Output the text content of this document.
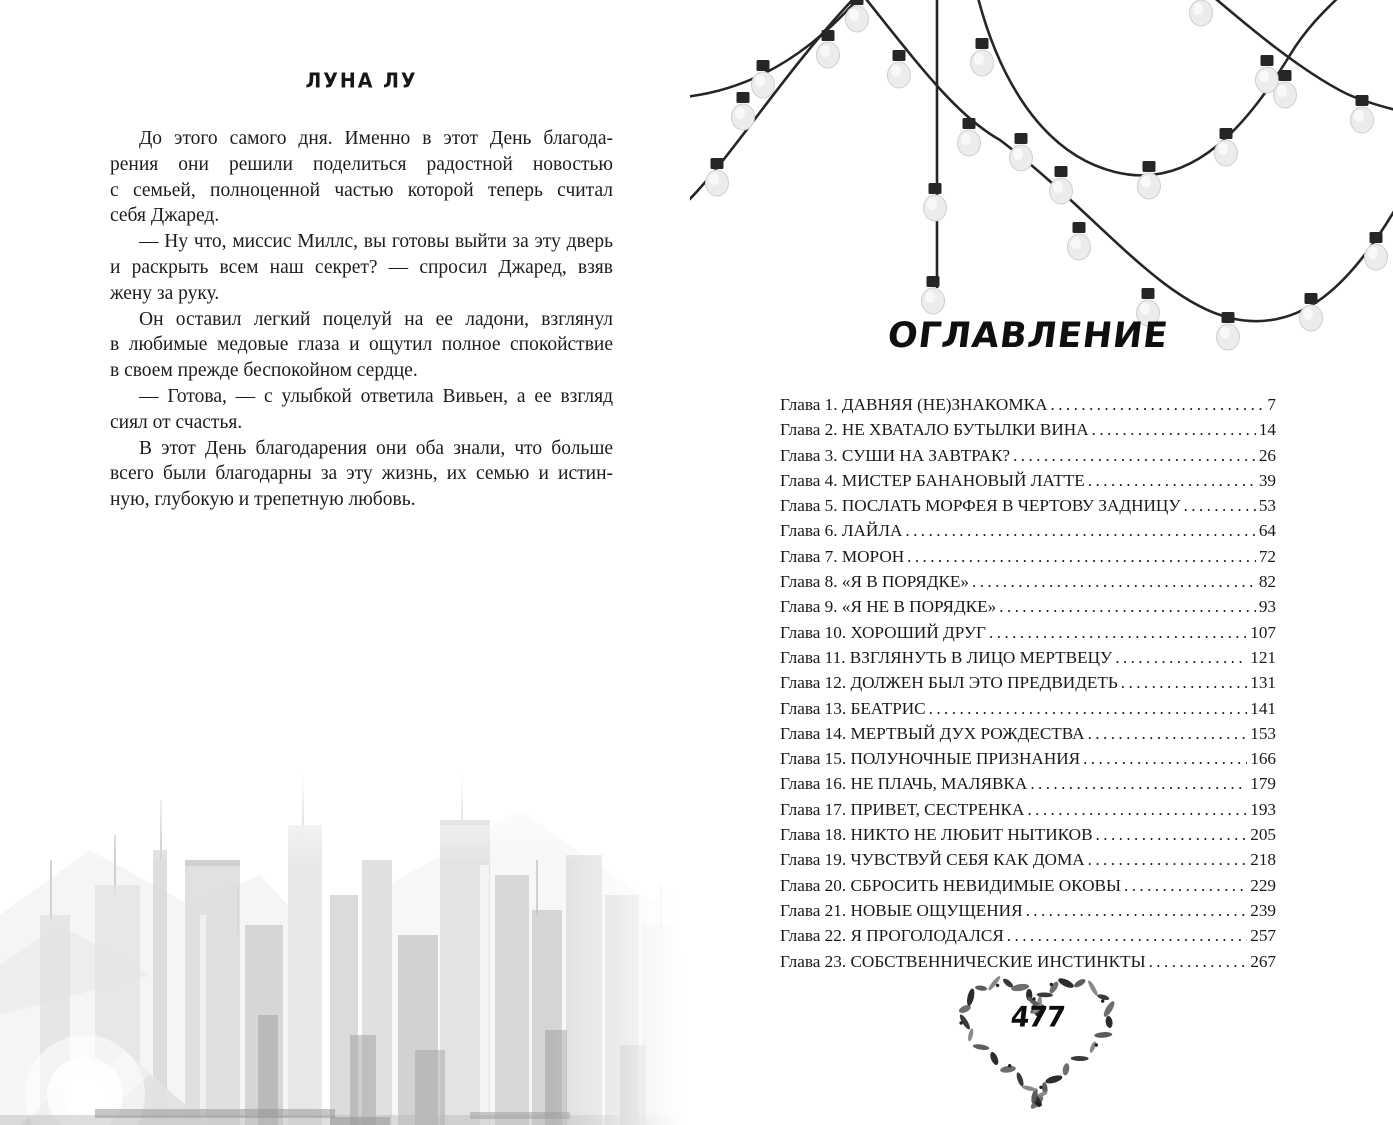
ЛУНА ЛУ
До этого самого дня. Именно в этот День благода-
рения они решили поделиться радостной новостью
с семьей, полноценной частью которой теперь считал
себя Джаред.
— Ну что, миссис Миллс, вы готовы выйти за эту дверь
и раскрыть всем наш секрет? — спросил Джаред, взяв
жену за руку.
Он оставил легкий поцелуй на ее ладони, взглянул
в любимые медовые глаза и ощутил полное спокойствие
в своем прежде беспокойном сердце.
— Готова, — с улыбкой ответила Вивьен, а ее взгляд
сиял от счастья.
В этот День благодарения они оба знали, что больше
всего были благодарны за эту жизнь, их семью и истин-
ную, глубокую и трепетную любовь.
ОГЛАВЛЕНИЕ
Глава 1. ДАВНЯЯ (НЕ)ЗНАКОМКА .....	7
Глава 2. НЕ ХВАТАЛО БУТЫЛКИ ВИНА .....	14
Глава 3. СУШИ НА ЗАВТРАК? .....	26
Глава 4. МИСТЕР БАНАНОВЫЙ ЛАТТЕ .....	39
Глава 5. ПОСЛАТЬ МОРФЕЯ В ЧЕРТОВУ ЗАДНИЦУ .....	53
Глава 6. ЛАЙЛА .....	64
Глава 7. МОРОН .....	72
Глава 8. «Я В ПОРЯДКЕ» .....	82
Глава 9. «Я НЕ В ПОРЯДКЕ» .....	93
Глава 10. ХОРОШИЙ ДРУГ .....	107
Глава 11. ВЗГЛЯНУТЬ В ЛИЦО МЕРТВЕЦУ .....	121
Глава 12. ДОЛЖЕН БЫЛ ЭТО ПРЕДВИДЕТЬ .....	131
Глава 13. БЕАТРИС .....	141
Глава 14. МЕРТВЫЙ ДУХ РОЖДЕСТВА .....	153
Глава 15. ПОЛУНОЧНЫЕ ПРИЗНАНИЯ .....	166
Глава 16. НЕ ПЛАЧЬ, МАЛЯВКА .....	179
Глава 17. ПРИВЕТ, СЕСТРЕНКА .....	193
Глава 18. НИКТО НЕ ЛЮБИТ НЫТИКОВ .....	205
Глава 19. ЧУВСТВУЙ СЕБЯ КАК ДОМА .....	218
Глава 20. СБРОСИТЬ НЕВИДИМЫЕ ОКОВЫ .....	229
Глава 21. НОВЫЕ ОЩУЩЕНИЯ .....	239
Глава 22. Я ПРОГОЛОДАЛСЯ .....	257
Глава 23. СОБСТВЕННИЧЕСКИЕ ИНСТИНКТЫ .....	267
477
